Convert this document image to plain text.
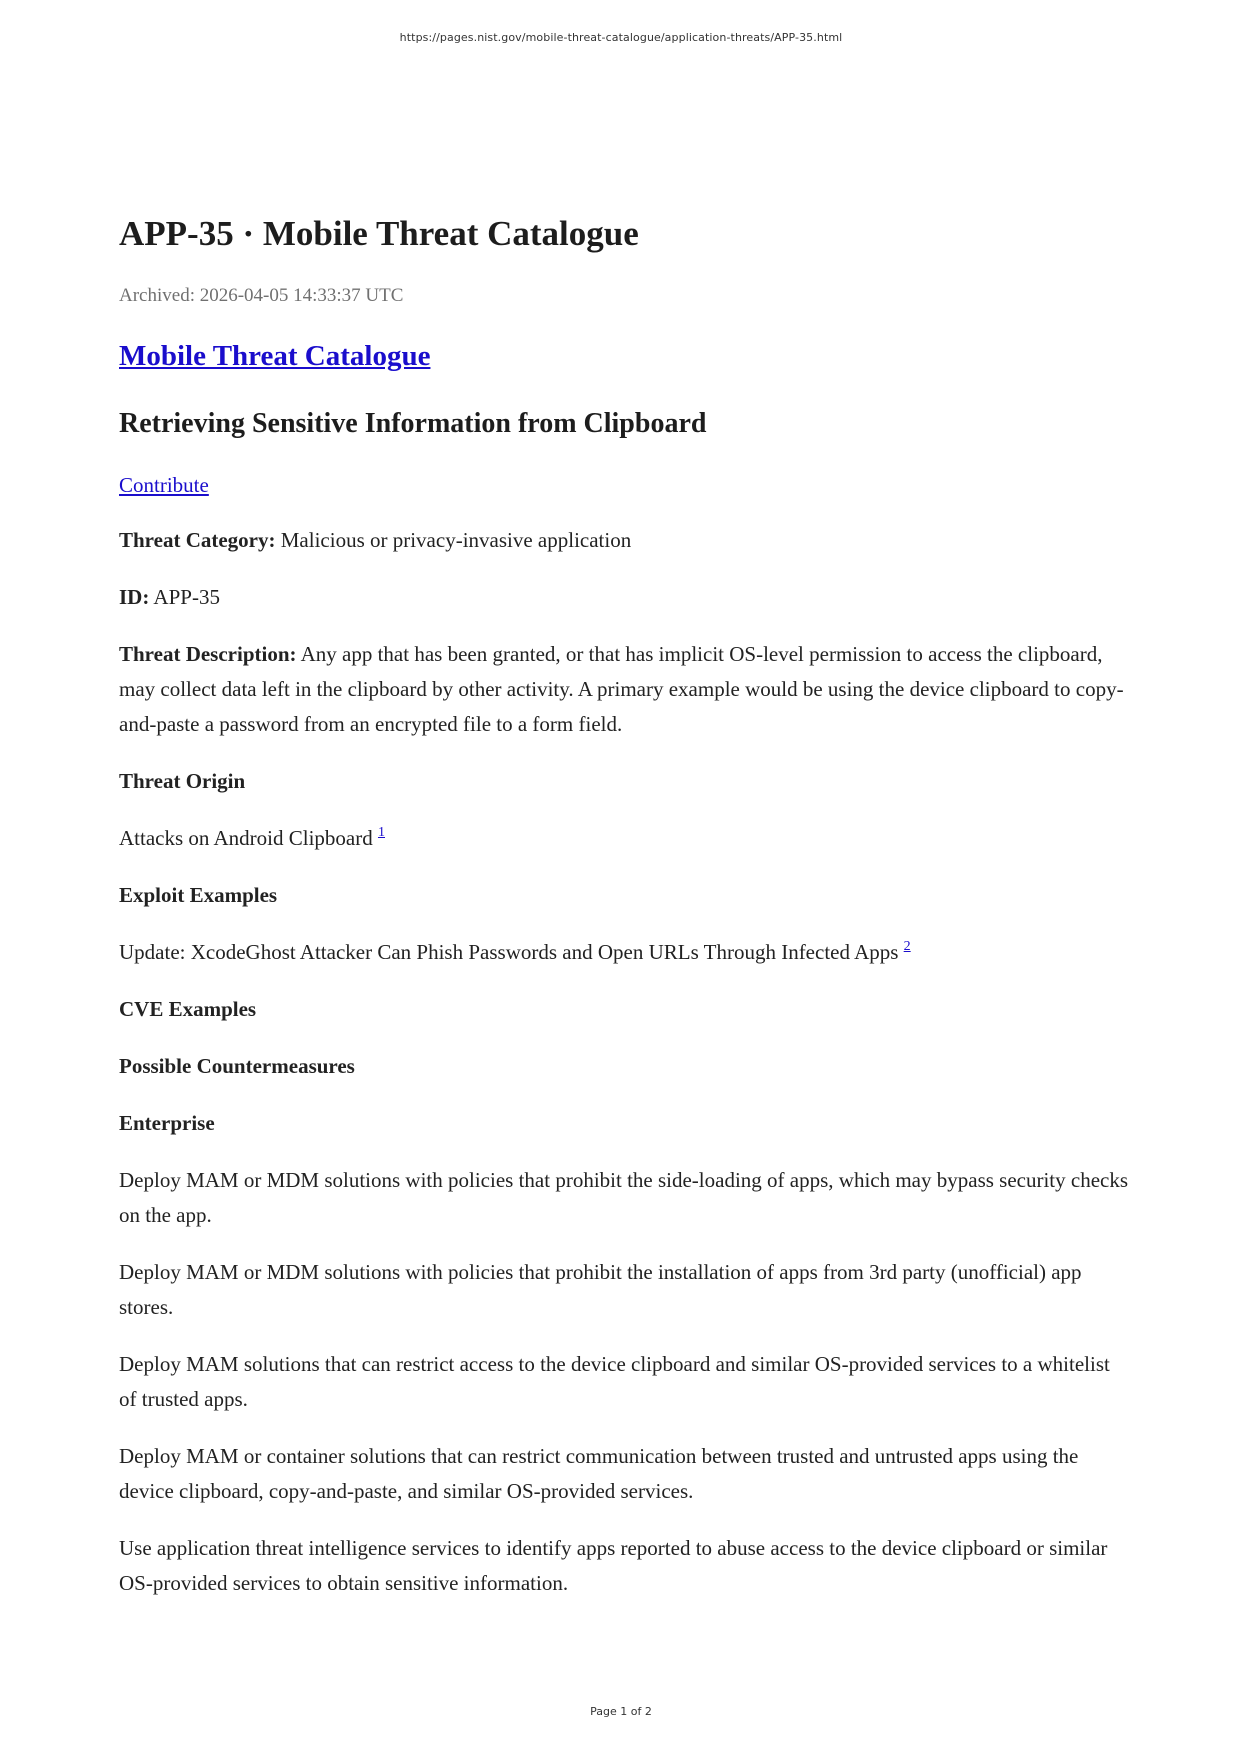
https://pages.nist.gov/mobile-threat-catalogue/application-threats/APP-35.html
APP-35 · Mobile Threat Catalogue
Archived: 2026-04-05 14:33:37 UTC
Mobile Threat Catalogue
Retrieving Sensitive Information from Clipboard

Contribute

Threat Category: Malicious or privacy-invasive application

ID: APP-35

Threat Description: Any app that has been granted, or that has implicit OS-level permission to access the clipboard, may collect data left in the clipboard by other activity. A primary example would be using the device clipboard to copy-and-paste a password from an encrypted file to a form field.

Threat Origin

Attacks on Android Clipboard $^1$

Exploit Examples

Update: XcodeGhost Attacker Can Phish Passwords and Open URLs Through Infected Apps $^2$

CVE Examples
Possible Countermeasures
Enterprise

Deploy MAM or MDM solutions with policies that prohibit the side-loading of apps, which may bypass security checks on the app.

Deploy MAM or MDM solutions with policies that prohibit the installation of apps from 3rd party (unofficial) app stores.

Deploy MAM solutions that can restrict access to the device clipboard and similar OS-provided services to a whitelist of trusted apps.

Deploy MAM or container solutions that can restrict communication between trusted and untrusted apps using the device clipboard, copy-and-paste, and similar OS-provided services.

Use application threat intelligence services to identify apps reported to abuse access to the device clipboard or similar OS-provided services to obtain sensitive information.

Page 1 of 2
